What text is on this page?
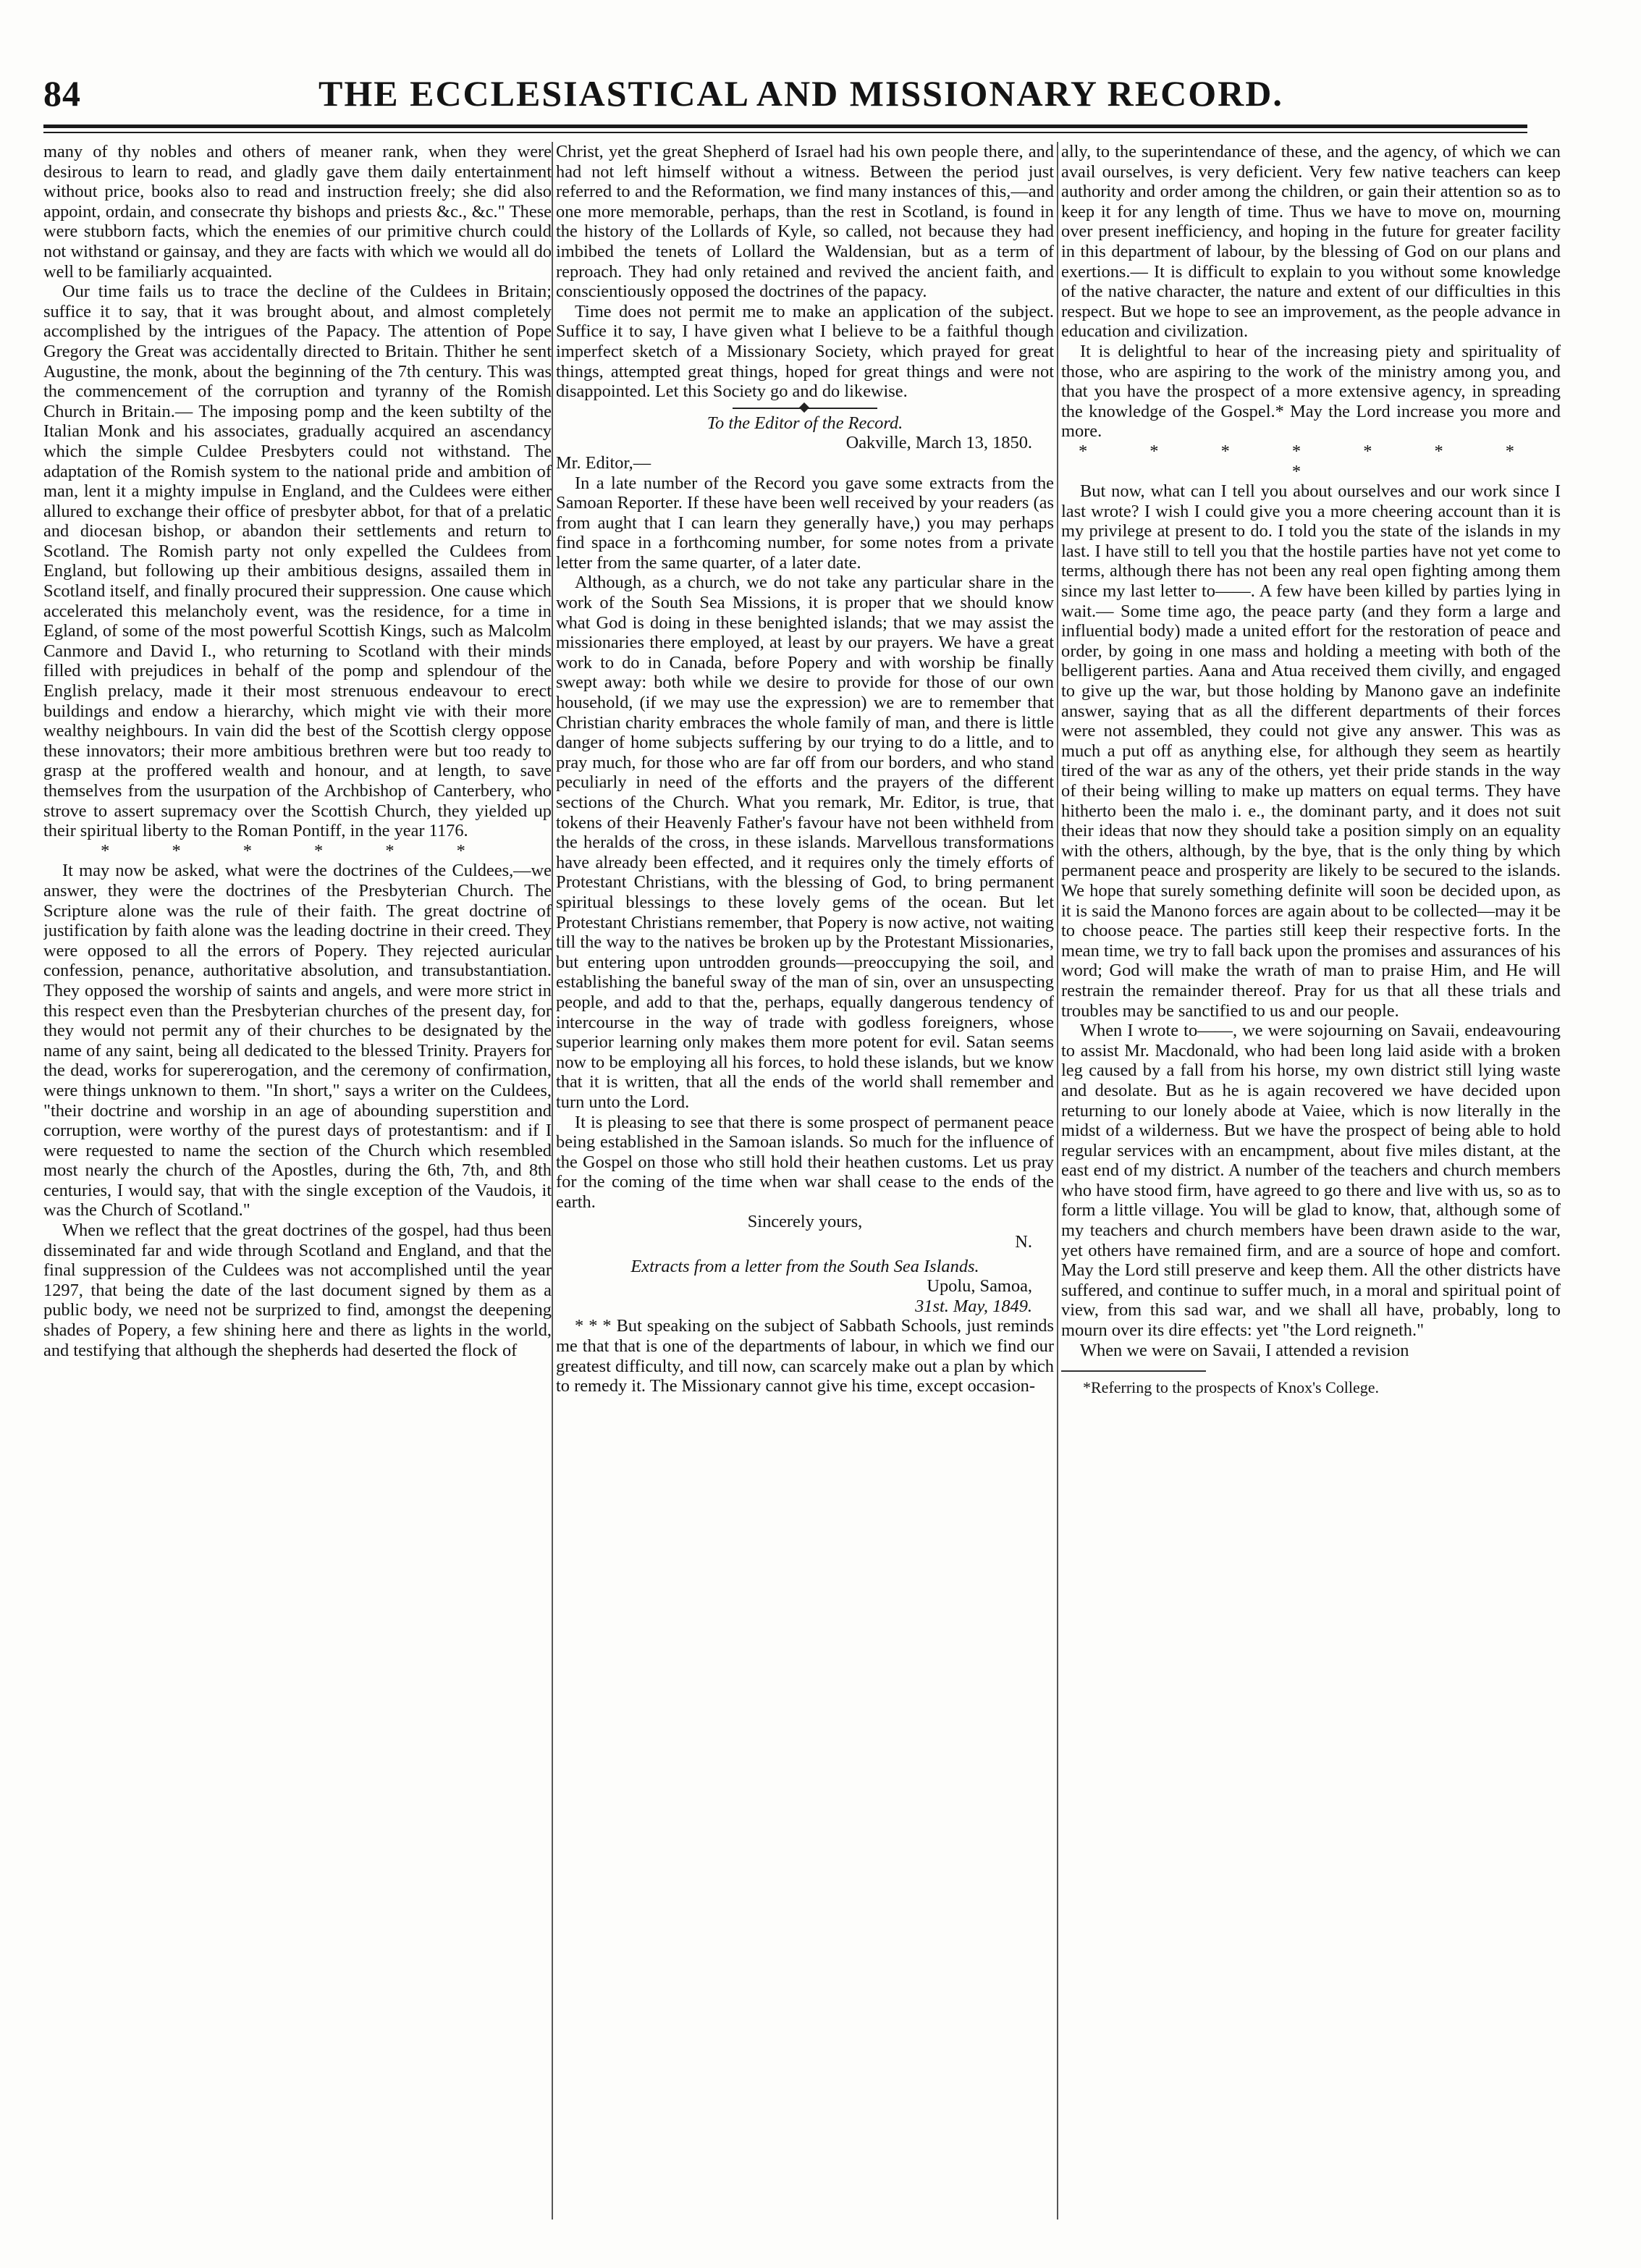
84	THE ECCLESIASTICAL AND MISSIONARY RECORD.

many of thy nobles and others of meaner rank, when they were desirous to learn to read, and gladly gave them daily entertainment without price, books also to read and instruction freely; she did also appoint, ordain, and consecrate thy bishops and priests &c., &c." These were stubborn facts, which the enemies of our primitive church could not withstand or gainsay, and they are facts with which we would all do well to be familiarly acquainted.

Our time fails us to trace the decline of the Culdees in Britain; suffice it to say, that it was brought about, and almost completely accomplished by the intrigues of the Papacy. The attention of Pope Gregory the Great was accidentally directed to Britain. Thither he sent Augustine, the monk, about the beginning of the 7th century. This was the commencement of the corruption and tyranny of the Romish Church in Britain.— The imposing pomp and the keen subtilty of the Italian Monk and his associates, gradually acquired an ascendancy which the simple Culdee Presbyters could not withstand. The adaptation of the Romish system to the national pride and ambition of man, lent it a mighty impulse in England, and the Culdees were either allured to exchange their office of presbyter abbot, for that of a prelatic and diocesan bishop, or abandon their settlements and return to Scotland. The Romish party not only expelled the Culdees from England, but following up their ambitious designs, assailed them in Scotland itself, and finally procured their suppression. One cause which accelerated this melancholy event, was the residence, for a time in Egland, of some of the most powerful Scottish Kings, such as Malcolm Canmore and David I., who returning to Scotland with their minds filled with prejudices in behalf of the pomp and splendour of the English prelacy, made it their most strenuous endeavour to erect buildings and endow a hierarchy, which might vie with their more wealthy neighbours. In vain did the best of the Scottish clergy oppose these innovators; their more ambitious brethren were but too ready to grasp at the proffered wealth and honour, and at length, to save themselves from the usurpation of the Archbishop of Canterbery, who strove to assert supremacy over the Scottish Church, they yielded up their spiritual liberty to the Roman Pontiff, in the year 1176.

* * * * * *

It may now be asked, what were the doctrines of the Culdees,—we answer, they were the doctrines of the Presbyterian Church. The Scripture alone was the rule of their faith. The great doctrine of justification by faith alone was the leading doctrine in their creed. They were opposed to all the errors of Popery. They rejected auricular confession, penance, authoritative absolution, and transubstantiation. They opposed the worship of saints and angels, and were more strict in this respect even than the Presbyterian churches of the present day, for they would not permit any of their churches to be designated by the name of any saint, being all dedicated to the blessed Trinity. Prayers for the dead, works for supererogation, and the ceremony of confirmation, were things unknown to them. "In short," says a writer on the Culdees, "their doctrine and worship in an age of abounding superstition and corruption, were worthy of the purest days of protestantism: and if I were requested to name the section of the Church which resembled most nearly the church of the Apostles, during the 6th, 7th, and 8th centuries, I would say, that with the single exception of the Vaudois, it was the Church of Scotland."

When we reflect that the great doctrines of the gospel, had thus been disseminated far and wide through Scotland and England, and that the final suppression of the Culdees was not accomplished until the year 1297, that being the date of the last document signed by them as a public body, we need not be surprized to find, amongst the deepening shades of Popery, a few shining here and there as lights in the world, and testifying that although the shepherds had deserted the flock of

Christ, yet the great Shepherd of Israel had his own people there, and had not left himself without a witness. Between the period just referred to and the Reformation, we find many instances of this,—and one more memorable, perhaps, than the rest in Scotland, is found in the history of the Lollards of Kyle, so called, not because they had imbibed the tenets of Lollard the Waldensian, but as a term of reproach. They had only retained and revived the ancient faith, and conscientiously opposed the doctrines of the papacy.

Time does not permit me to make an application of the subject. Suffice it to say, I have given what I believe to be a faithful though imperfect sketch of a Missionary Society, which prayed for great things, attempted great things, hoped for great things and were not disappointed. Let this Society go and do likewise.

To the Editor of the Record.

Oakville, March 13, 1850.

Mr. Editor,—

In a late number of the Record you gave some extracts from the Samoan Reporter. If these have been well received by your readers (as from aught that I can learn they generally have,) you may perhaps find space in a forthcoming number, for some notes from a private letter from the same quarter, of a later date.

Although, as a church, we do not take any particular share in the work of the South Sea Missions, it is proper that we should know what God is doing in these benighted islands; that we may assist the missionaries there employed, at least by our prayers. We have a great work to do in Canada, before Popery and with worship be finally swept away: both while we desire to provide for those of our own household, (if we may use the expression) we are to remember that Christian charity embraces the whole family of man, and there is little danger of home subjects suffering by our trying to do a little, and to pray much, for those who are far off from our borders, and who stand peculiarly in need of the efforts and the prayers of the different sections of the Church. What you remark, Mr. Editor, is true, that tokens of their Heavenly Father's favour have not been withheld from the heralds of the cross, in these islands. Marvellous transformations have already been effected, and it requires only the timely efforts of Protestant Christians, with the blessing of God, to bring permanent spiritual blessings to these lovely gems of the ocean. But let Protestant Christians remember, that Popery is now active, not waiting till the way to the natives be broken up by the Protestant Missionaries, but entering upon untrodden grounds—preoccupying the soil, and establishing the baneful sway of the man of sin, over an unsuspecting people, and add to that the, perhaps, equally dangerous tendency of intercourse in the way of trade with godless foreigners, whose superior learning only makes them more potent for evil. Satan seems now to be employing all his forces, to hold these islands, but we know that it is written, that all the ends of the world shall remember and turn unto the Lord.

It is pleasing to see that there is some prospect of permanent peace being established in the Samoan islands. So much for the influence of the Gospel on those who still hold their heathen customs. Let us pray for the coming of the time when war shall cease to the ends of the earth.

Sincerely yours,

N.

Extracts from a letter from the South Sea Islands.

Upolu, Samoa,

31st. May, 1849.

* * * But speaking on the subject of Sabbath Schools, just reminds me that that is one of the departments of labour, in which we find our greatest difficulty, and till now, can scarcely make out a plan by which to remedy it. The Missionary cannot give his time, except occasion-

ally, to the superintendance of these, and the agency, of which we can avail ourselves, is very deficient. Very few native teachers can keep authority and order among the children, or gain their attention so as to keep it for any length of time. Thus we have to move on, mourning over present inefficiency, and hoping in the future for greater facility in this department of labour, by the blessing of God on our plans and exertions.— It is difficult to explain to you without some knowledge of the native character, the nature and extent of our difficulties in this respect. But we hope to see an improvement, as the people advance in education and civilization.

It is delightful to hear of the increasing piety and spirituality of those, who are aspiring to the work of the ministry among you, and that you have the prospect of a more extensive agency, in spreading the knowledge of the Gospel.* May the Lord increase you more and more.

* * * * * * * *

But now, what can I tell you about ourselves and our work since I last wrote? I wish I could give you a more cheering account than it is my privilege at present to do. I told you the state of the islands in my last. I have still to tell you that the hostile parties have not yet come to terms, although there has not been any real open fighting among them since my last letter to——. A few have been killed by parties lying in wait.— Some time ago, the peace party (and they form a large and influential body) made a united effort for the restoration of peace and order, by going in one mass and holding a meeting with both of the belligerent parties. Aana and Atua received them civilly, and engaged to give up the war, but those holding by Manono gave an indefinite answer, saying that as all the different departments of their forces were not assembled, they could not give any answer. This was as much a put off as anything else, for although they seem as heartily tired of the war as any of the others, yet their pride stands in the way of their being willing to make up matters on equal terms. They have hitherto been the malo i. e., the dominant party, and it does not suit their ideas that now they should take a position simply on an equality with the others, although, by the bye, that is the only thing by which permanent peace and prosperity are likely to be secured to the islands. We hope that surely something definite will soon be decided upon, as it is said the Manono forces are again about to be collected—may it be to choose peace. The parties still keep their respective forts. In the mean time, we try to fall back upon the promises and assurances of his word; God will make the wrath of man to praise Him, and He will restrain the remainder thereof. Pray for us that all these trials and troubles may be sanctified to us and our people.

When I wrote to——, we were sojourning on Savaii, endeavouring to assist Mr. Macdonald, who had been long laid aside with a broken leg caused by a fall from his horse, my own district still lying waste and desolate. But as he is again recovered we have decided upon returning to our lonely abode at Vaiee, which is now literally in the midst of a wilderness. But we have the prospect of being able to hold regular services with an encampment, about five miles distant, at the east end of my district. A number of the teachers and church members who have stood firm, have agreed to go there and live with us, so as to form a little village. You will be glad to know, that, although some of my teachers and church members have been drawn aside to the war, yet others have remained firm, and are a source of hope and comfort. May the Lord still preserve and keep them. All the other districts have suffered, and continue to suffer much, in a moral and spiritual point of view, from this sad war, and we shall all have, probably, long to mourn over its dire effects: yet "the Lord reigneth."

When we were on Savaii, I attended a revision

*Referring to the prospects of Knox's College.
